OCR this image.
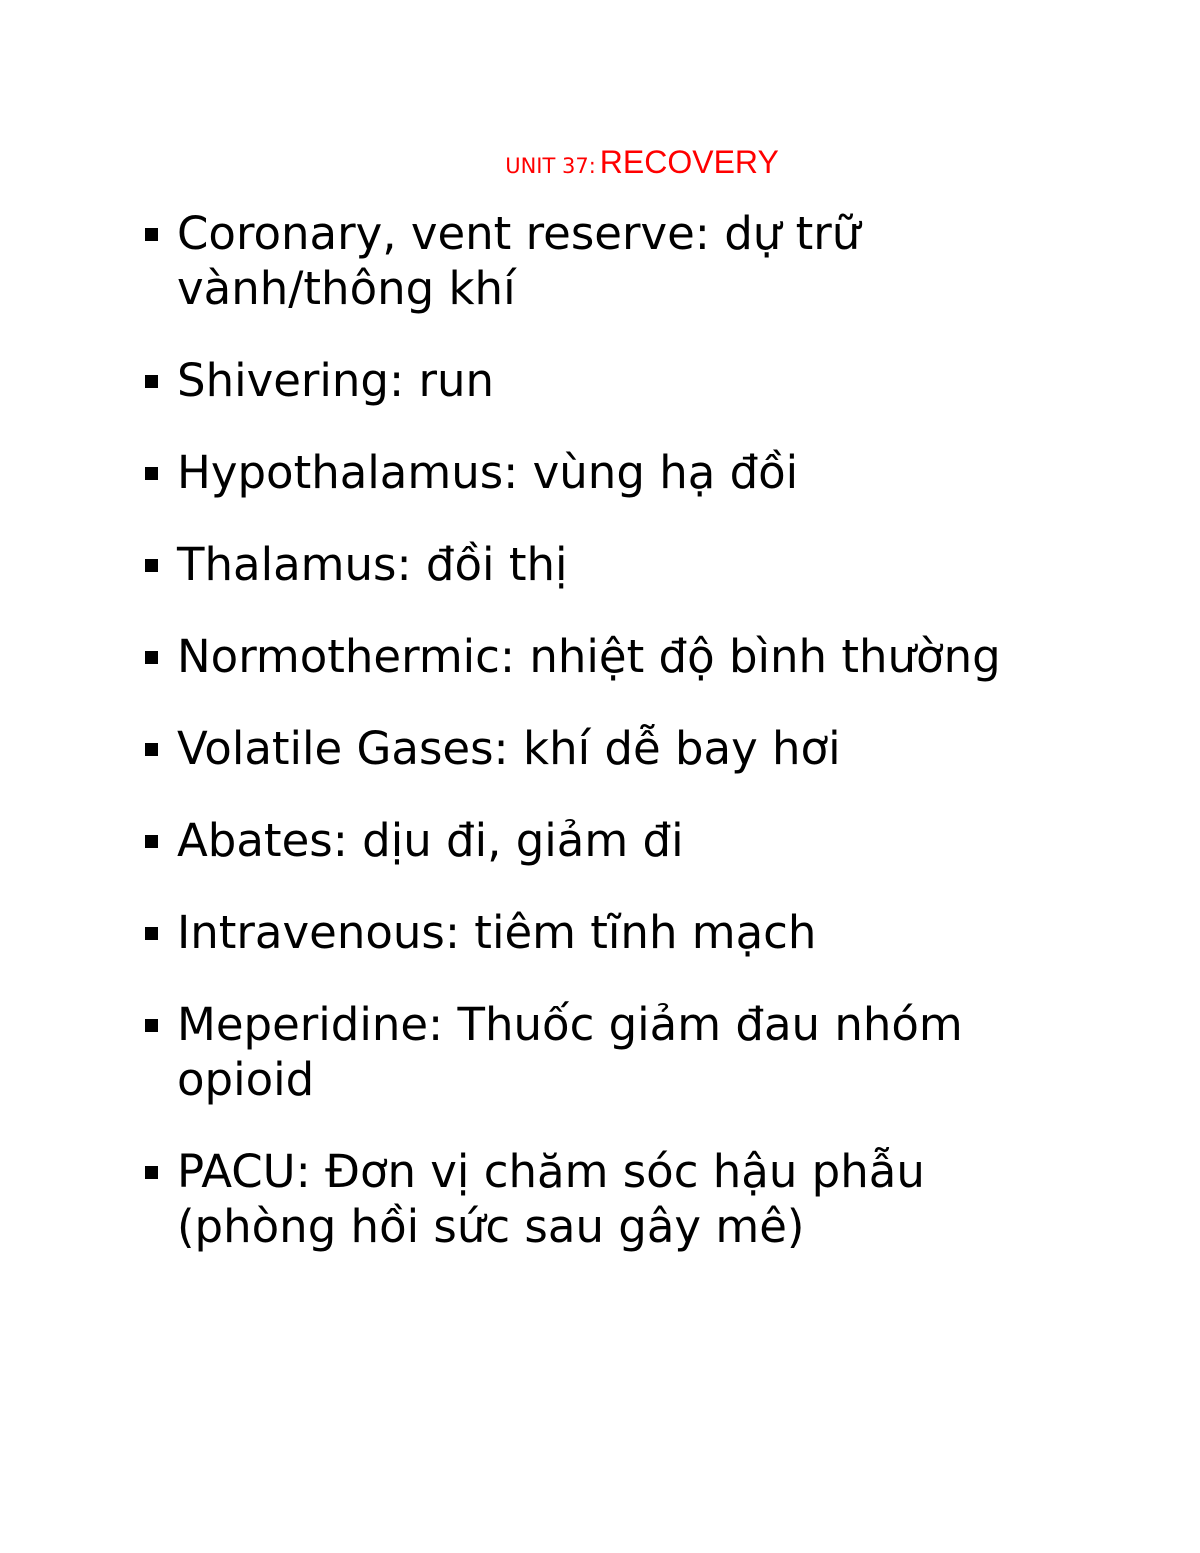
UNIT 37: RECOVERY
Coronary, vent reserve: dự trữ vành/thông khí
Shivering: run
Hypothalamus: vùng hạ đồi
Thalamus: đồi thị
Normothermic: nhiệt độ bình thường
Volatile Gases: khí dễ bay hơi
Abates: dịu đi, giảm đi
Intravenous: tiêm tĩnh mạch
Meperidine: Thuốc giảm đau nhóm opioid
PACU: Đơn vị chăm sóc hậu phẫu (phòng hồi sức sau gây mê)
